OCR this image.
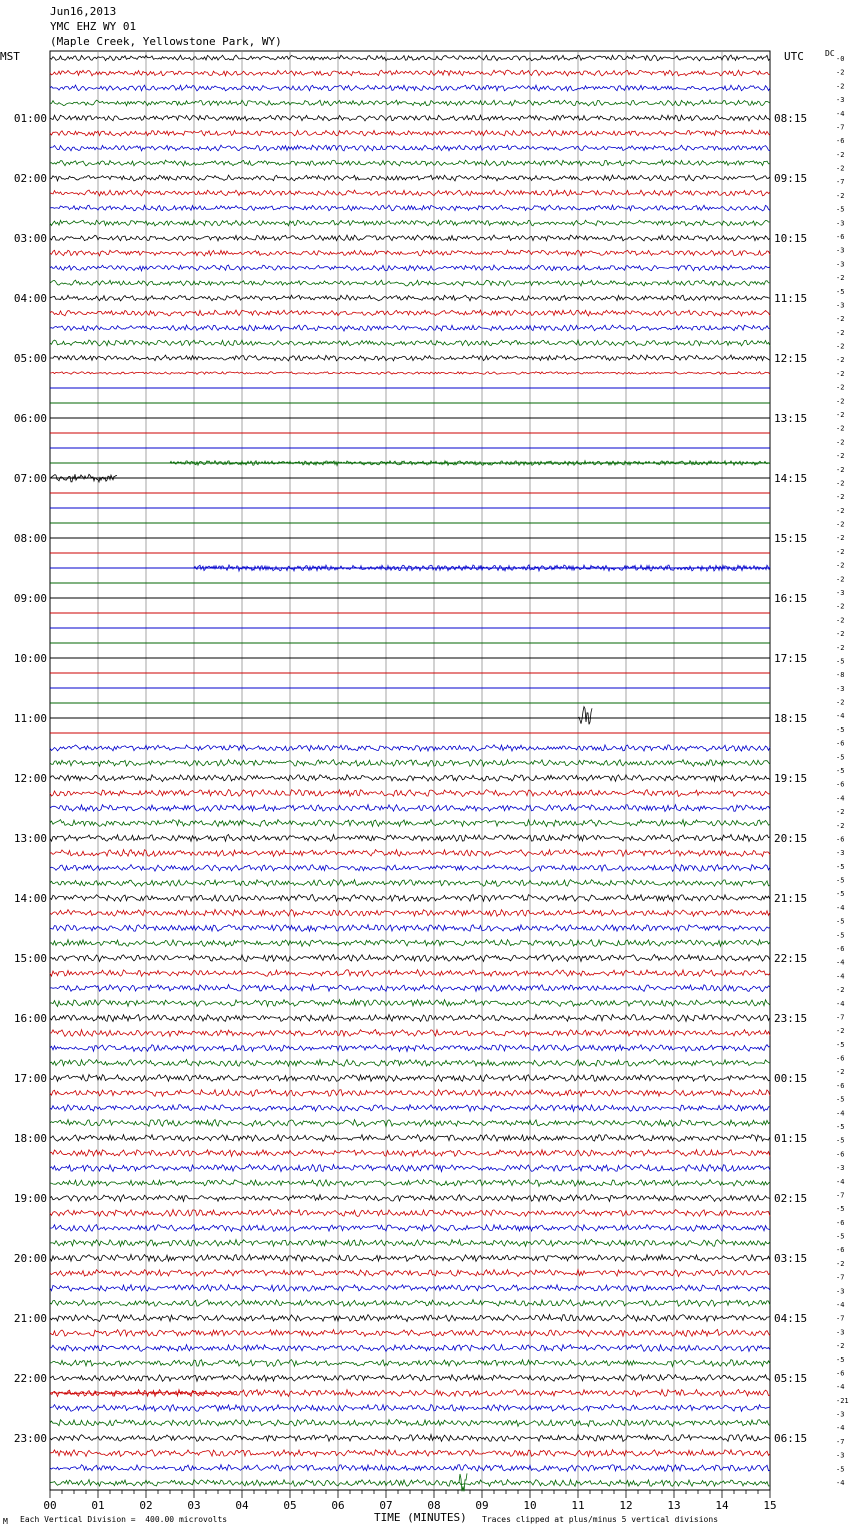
Jun16,2013
YMC EHZ WY 01
(Maple Creek, Yellowstone Park, WY)
MST	UTC	DC
01:00
02:00
03:00
04:00
05:00
06:00
07:00
08:00
09:00
10:00
11:00
12:00
13:00
14:00
15:00
16:00
17:00
18:00
19:00
20:00
21:00
22:00
23:00
08:15
09:15
10:15
11:15
12:15
13:15
14:15
15:15
16:15
17:15
18:15
19:15
20:15
21:15
22:15
23:15
00:15
01:15
02:15
03:15
04:15
05:15
06:15
-0
-2
-2
-3
-4
-7
-6
-2
-2
-7
-2
-5
-3
-6
-3
-3
-2
-5
-3
-2
-2
-2
-2
-2
-2
-2
-2
-2
-2
-2
-2
-2
-2
-2
-2
-2
-2
-2
-2
-3
-2
-2
-2
-2
-5
-8
-3
-2
-4
-5
-6
-5
-5
-6
-4
-2
-2
-6
-3
-5
-5
-5
-4
-5
-5
-6
-4
-4
-2
-4
-7
-2
-5
-6
-2
-6
-5
-4
-5
-5
-6
-3
-4
-7
-5
-6
-5
-6
-2
-7
-3
-4
-7
-3
-2
-5
-6
-4
-21
-3
-4
-7
-3
-5
-4
00	01	02	03	04	05	06	07	08	09	10	11	12	13	14	15
M Each Vertical Division =  400.00 microvolts	TIME (MINUTES) Traces clipped at plus/minus 5 vertical divisions
